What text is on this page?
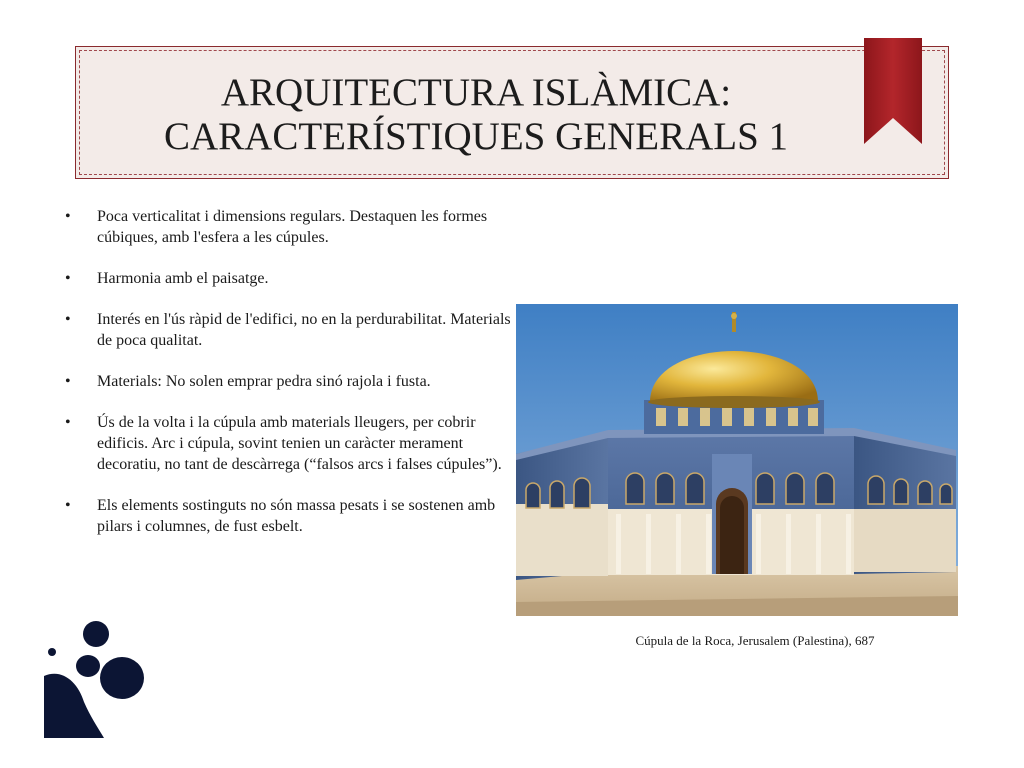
ARQUITECTURA ISLÀMICA:
CARACTERÍSTIQUES GENERALS 1
• Poca verticalitat i dimensions regulars. Destaquen les formes cúbiques, amb l'esfera a les cúpules.
• Harmonia amb el paisatge.
• Interés en l'ús ràpid de l'edifici, no en la perdurabilitat. Materials de poca qualitat.
• Materials: No solen emprar pedra sinó rajola i fusta.
• Ús de la volta i la cúpula amb materials lleugers, per cobrir edificis. Arc i cúpula, sovint tenien un caràcter merament decoratiu, no tant de descàrrega (“falsos arcs i falses cúpules”).
• Els elements sostinguts no són massa pesats i se sostenen amb pilars i columnes, de fust esbelt.
Cúpula de la Roca, Jerusalem (Palestina), 687
